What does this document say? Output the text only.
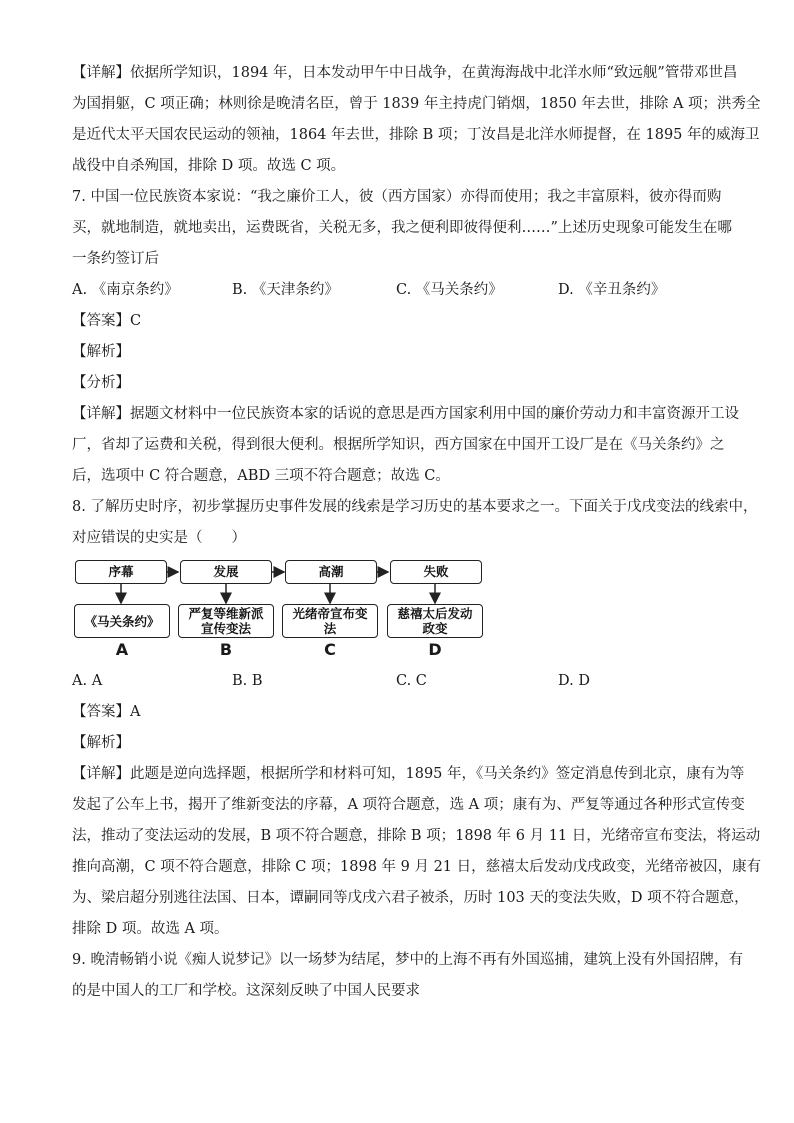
【详解】依据所学知识，1894 年，日本发动甲午中日战争，在黄海海战中北洋水师“致远舰”管带邓世昌
为国捐躯，C 项正确；林则徐是晚清名臣，曾于 1839 年主持虎门销烟，1850 年去世，排除 A 项；洪秀全
是近代太平天国农民运动的领袖，1864 年去世，排除 B 项；丁汝昌是北洋水师提督，在 1895 年的威海卫
战役中自杀殉国，排除 D 项。故选 C 项。
7. 中国一位民族资本家说：“我之廉价工人，彼（西方国家）亦得而使用；我之丰富原料，彼亦得而购
买，就地制造，就地卖出，运费既省，关税无多，我之便利即彼得便利……”上述历史现象可能发生在哪
一条约签订后
A. 《南京条约》	B. 《天津条约》	C. 《马关条约》	D. 《辛丑条约》
【答案】C
【解析】
【分析】
【详解】据题文材料中一位民族资本家的话说的意思是西方国家利用中国的廉价劳动力和丰富资源开工设
厂，省却了运费和关税，得到很大便利。根据所学知识，西方国家在中国开工设厂是在《马关条约》之
后，选项中 C 符合题意，ABD 三项不符合题意；故选 C。
8. 了解历史时序，初步掌握历史事件发展的线索是学习历史的基本要求之一。下面关于戊戌变法的线索中，
对应错误的史实是（　　）
序幕	发展	高潮	失败
《马关条约》	严复等维新派宣传变法
光绪帝宣布变法
慈禧太后发动政变
A	B	C	D
A. A	B. B	C. C	D. D
【答案】A
【解析】
【详解】此题是逆向选择题，根据所学和材料可知，1895 年，《马关条约》签定消息传到北京，康有为等
发起了公车上书，揭开了维新变法的序幕，A 项符合题意，选 A 项；康有为、严复等通过各种形式宣传变
法，推动了变法运动的发展，B 项不符合题意，排除 B 项；1898 年 6 月 11 日，光绪帝宣布变法，将运动
推向高潮，C 项不符合题意，排除 C 项；1898 年 9 月 21 日，慈禧太后发动戊戌政变，光绪帝被囚，康有
为、梁启超分别逃往法国、日本，谭嗣同等戊戌六君子被杀，历时 103 天的变法失败，D 项不符合题意，
排除 D 项。故选 A 项。
9. 晚清畅销小说《痴人说梦记》以一场梦为结尾，梦中的上海不再有外国巡捕，建筑上没有外国招牌，有
的是中国人的工厂和学校。这深刻反映了中国人民要求
